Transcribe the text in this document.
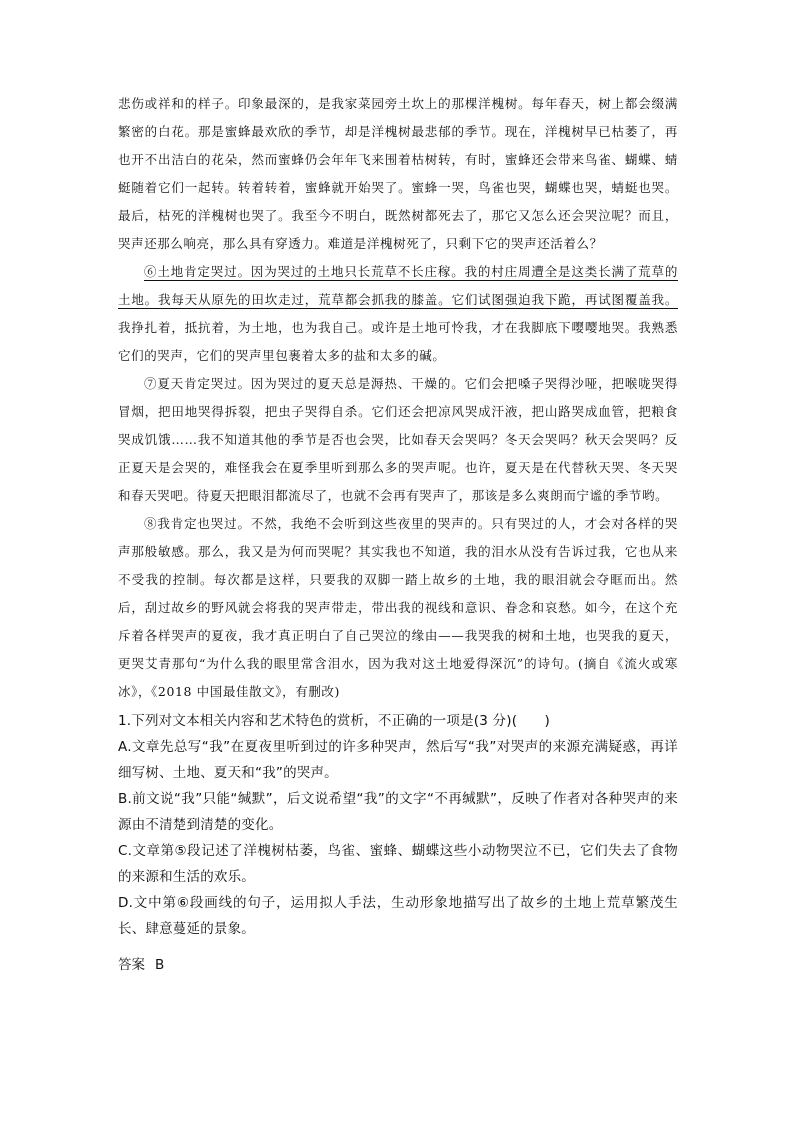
悲伤或祥和的样子。印象最深的，是我家菜园旁土坎上的那棵洋槐树。每年春天，树上都会缀满繁密的白花。那是蜜蜂最欢欣的季节，却是洋槐树最悲郁的季节。现在，洋槐树早已枯萎了，再也开不出洁白的花朵，然而蜜蜂仍会年年飞来围着枯树转，有时，蜜蜂还会带来鸟雀、蝴蝶、蜻蜓随着它们一起转。转着转着，蜜蜂就开始哭了。蜜蜂一哭，鸟雀也哭，蝴蝶也哭，蜻蜓也哭。最后，枯死的洋槐树也哭了。我至今不明白，既然树都死去了，那它又怎么还会哭泣呢？而且，哭声还那么响亮，那么具有穿透力。难道是洋槐树死了，只剩下它的哭声还活着么？

⑥土地肯定哭过。因为哭过的土地只长荒草不长庄稼。我的村庄周遭全是这类长满了荒草的土地。我每天从原先的田坎走过，荒草都会抓我的膝盖。它们试图强迫我下跪，再试图覆盖我。我挣扎着，抵抗着，为土地，也为我自己。或许是土地可怜我，才在我脚底下嘤嘤地哭。我熟悉它们的哭声，它们的哭声里包裹着太多的盐和太多的碱。

⑦夏天肯定哭过。因为哭过的夏天总是溽热、干燥的。它们会把嗓子哭得沙哑，把喉咙哭得冒烟，把田地哭得拆裂，把虫子哭得自杀。它们还会把凉风哭成汗液，把山路哭成血管，把粮食哭成饥饿……我不知道其他的季节是否也会哭，比如春天会哭吗？冬天会哭吗？秋天会哭吗？反正夏天是会哭的，难怪我会在夏季里听到那么多的哭声呢。也许，夏天是在代替秋天哭、冬天哭和春天哭吧。待夏天把眼泪都流尽了，也就不会再有哭声了，那该是多么爽朗而宁谧的季节哟。

⑧我肯定也哭过。不然，我绝不会听到这些夜里的哭声的。只有哭过的人，才会对各样的哭声那般敏感。那么，我又是为何而哭呢？其实我也不知道，我的泪水从没有告诉过我，它也从来不受我的控制。每次都是这样，只要我的双脚一踏上故乡的土地，我的眼泪就会夺眶而出。然后，刮过故乡的野风就会将我的哭声带走，带出我的视线和意识、眷念和哀愁。如今，在这个充斥着各样哭声的夏夜，我才真正明白了自己哭泣的缘由——我哭我的树和土地，也哭我的夏天，更哭艾青那句“为什么我的眼里常含泪水，因为我对这土地爱得深沉”的诗句。(摘自《流火或寒冰》，《2018 中国最佳散文》，有删改)

1.下列对文本相关内容和艺术特色的赏析，不正确的一项是(3 分)(　　)

A.文章先总写“我”在夏夜里听到过的许多种哭声，然后写“我”对哭声的来源充满疑惑，再详细写树、土地、夏天和“我”的哭声。

B.前文说“我”只能“缄默”，后文说希望“我”的文字“不再缄默”，反映了作者对各种哭声的来源由不清楚到清楚的变化。

C.文章第⑤段记述了洋槐树枯萎，鸟雀、蜜蜂、蝴蝶这些小动物哭泣不已，它们失去了食物的来源和生活的欢乐。

D.文中第⑥段画线的句子，运用拟人手法，生动形象地描写出了故乡的土地上荒草繁茂生长、肆意蔓延的景象。

答案 B
